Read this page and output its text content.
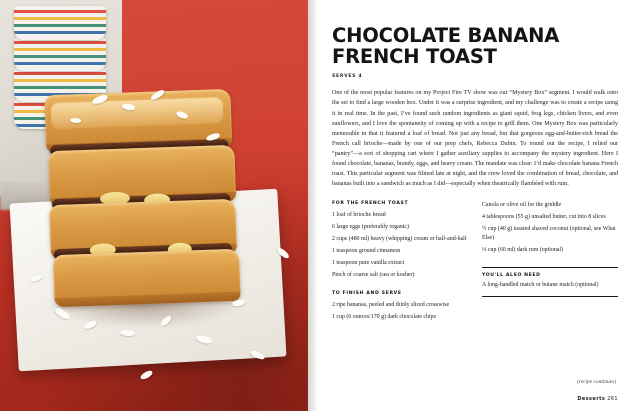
CHOCOLATE BANANA FRENCH TOAST
SERVES 4

One of the most popular features on my Project Fire TV show was our “Mystery Box” segment. I would walk onto the set to find a large wooden box. Under it was a surprise ingredient, and my challenge was to create a recipe using it in real time. In the past, I’ve found such random ingredients as giant squid, frog legs, chicken livers, and even sunflowers, and I love the spontaneity of coming up with a recipe to grill them. One Mystery Box was particularly memorable in that it featured a loaf of bread. Not just any bread, but that gorgeous egg‑and‑butter‑rich bread the French call brioche—made by one of our prep chefs, Rebecca Dubin. To round out the recipe, I relied our “pantry”—a sort of shopping cart where I gather auxiliary supplies to accompany the mystery ingredient. Here I found chocolate, bananas, brandy, eggs, and heavy cream. The mandate was clear: I’d make chocolate banana French toast. This particular segment was filmed late at night, and the crew loved the combination of bread, chocolate, and bananas built into a sandwich as much as I did—especially when theatrically flambéed with rum.

FOR THE FRENCH TOAST
1 loaf of brioche bread
6 large eggs (preferably organic)
2 cups (480 ml) heavy (whipping) cream or half-and-half
1 teaspoon ground cinnamon
1 teaspoon pure vanilla extract
Pinch of coarse salt (sea or kosher)
TO FINISH AND SERVE
2 ripe bananas, peeled and thinly sliced crosswise
1 cup (6 ounces/170 g) dark chocolate chips
Canola or olive oil for the griddle
4 tablespoons (55 g) unsalted butter, cut into 8 slices
½ cup (40 g) toasted shaved coconut (optional, see What Else)
⅓ cup (60 ml) dark rum (optional)
YOU'LL ALSO NEED
A long-handled match or butane match (optional)
(recipe continues)
Desserts 261
